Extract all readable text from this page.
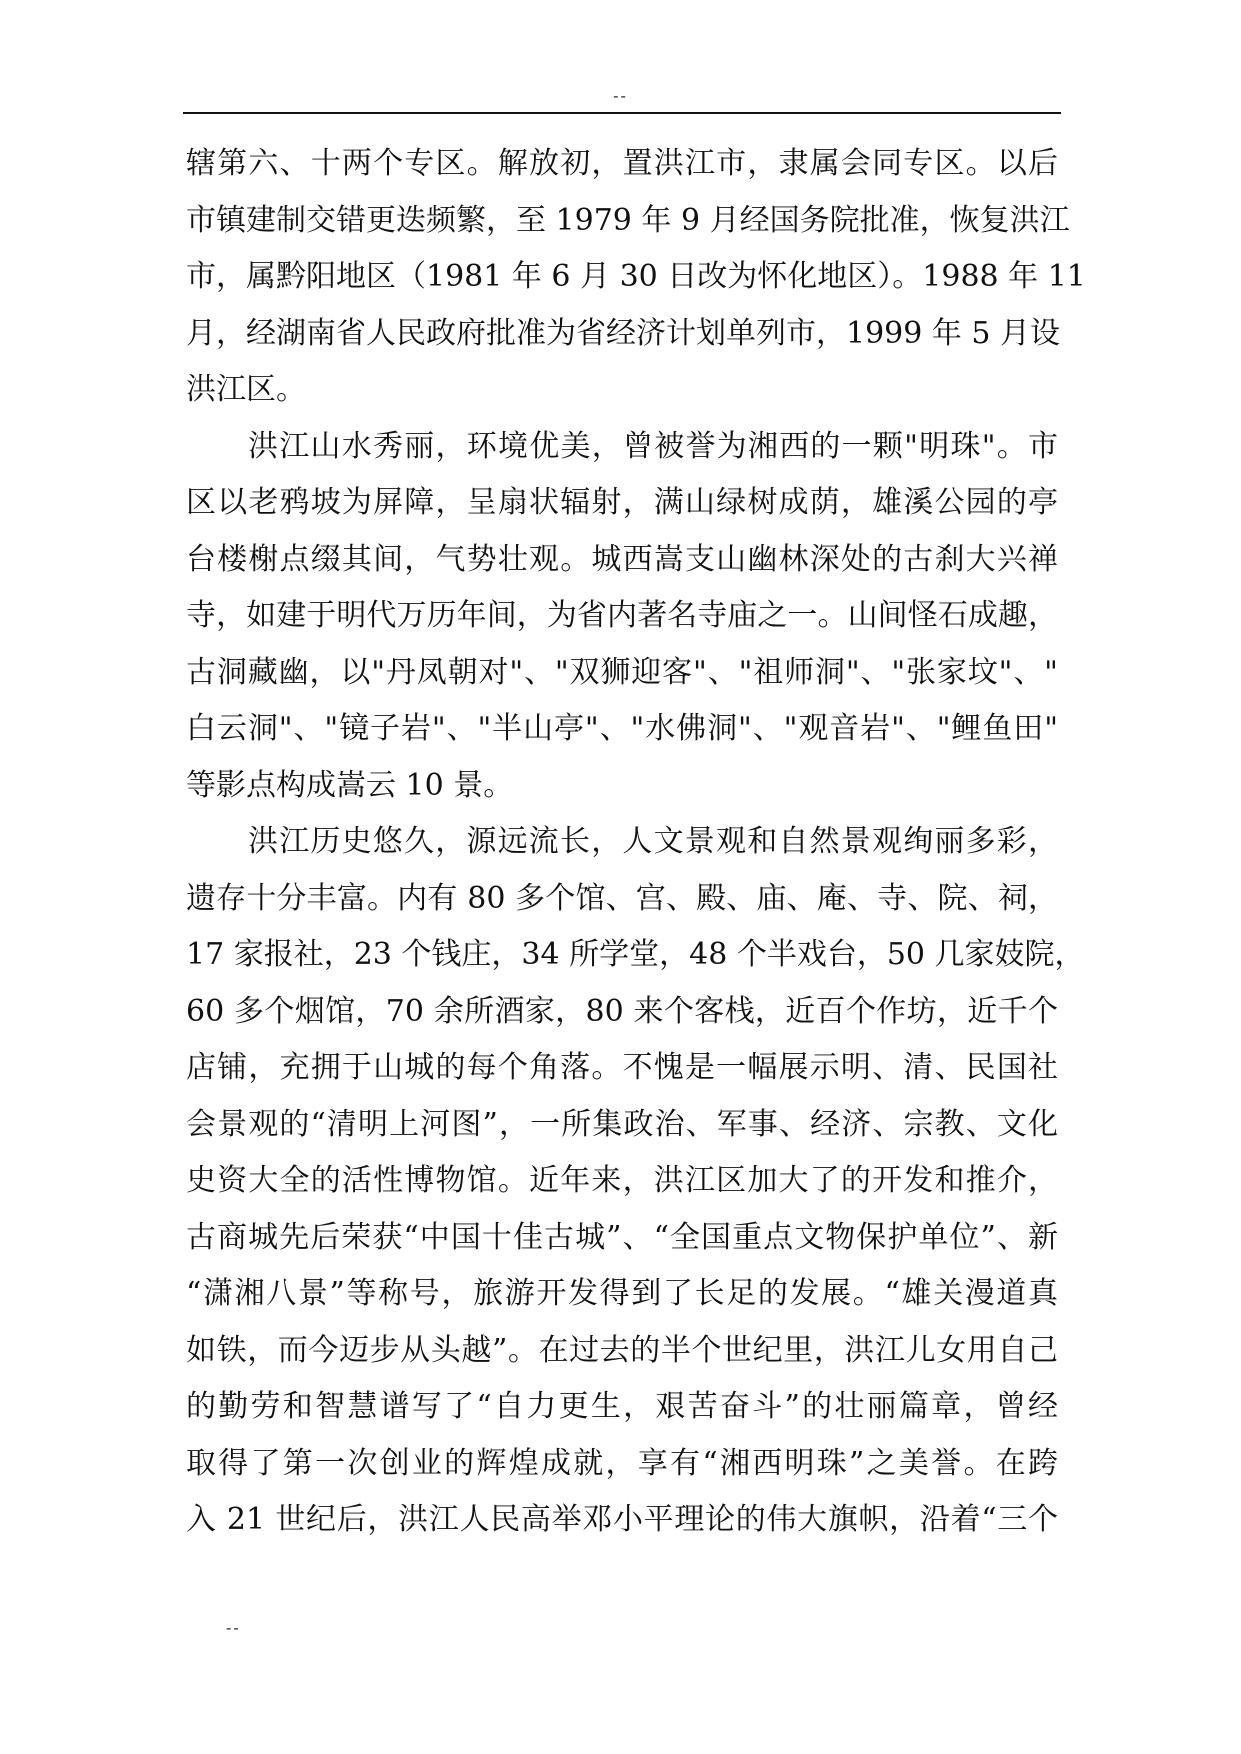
--
辖第六、十两个专区。解放初，置洪江市，隶属会同专区。以后
市镇建制交错更迭频繁，至 1979 年 9 月经国务院批准，恢复洪江
市，属黔阳地区（1981 年 6 月 30 日改为怀化地区）。1988 年 11
月，经湖南省人民政府批准为省经济计划单列市，1999 年 5 月设
洪江区。
洪江山水秀丽，环境优美，曾被誉为湘西的一颗"明珠"。市
区以老鸦坡为屏障，呈扇状辐射，满山绿树成荫，雄溪公园的亭
台楼榭点缀其间，气势壮观。城西嵩支山幽林深处的古刹大兴禅
寺，如建于明代万历年间，为省内著名寺庙之一。山间怪石成趣，
古洞藏幽，以"丹凤朝对"、"双狮迎客"、"祖师洞"、"张家坟"、"
白云洞"、"镜子岩"、"半山亭"、"水佛洞"、"观音岩"、"鲤鱼田"
等影点构成嵩云 10 景。
洪江历史悠久，源远流长，人文景观和自然景观绚丽多彩，
遗存十分丰富。内有 80 多个馆、宫、殿、庙、庵、寺、院、祠，
17 家报社，23 个钱庄，34 所学堂，48 个半戏台，50 几家妓院，
60 多个烟馆，70 余所酒家，80 来个客栈，近百个作坊，近千个
店铺，充拥于山城的每个角落。不愧是一幅展示明、清、民国社
会景观的“清明上河图”，一所集政治、军事、经济、宗教、文化
史资大全的活性博物馆。近年来，洪江区加大了的开发和推介，
古商城先后荣获“中国十佳古城”、“全国重点文物保护单位”、新
“潇湘八景”等称号，旅游开发得到了长足的发展。“雄关漫道真
如铁，而今迈步从头越”。在过去的半个世纪里，洪江儿女用自己
的勤劳和智慧谱写了“自力更生，艰苦奋斗”的壮丽篇章，曾经
取得了第一次创业的辉煌成就，享有“湘西明珠”之美誉。在跨
入 21 世纪后，洪江人民高举邓小平理论的伟大旗帜，沿着“三个
--
